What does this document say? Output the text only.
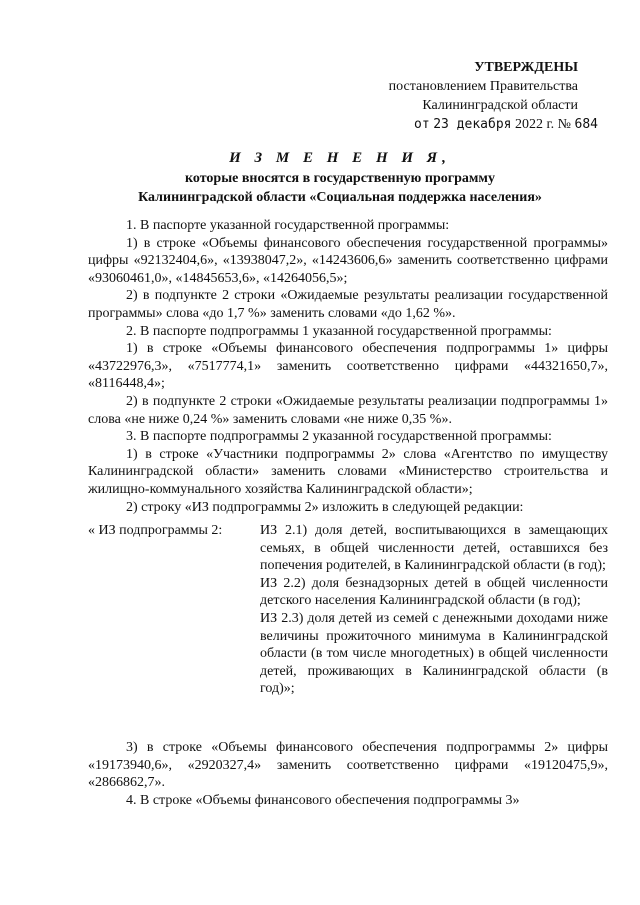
УТВЕРЖДЕНЫ
постановлением Правительства
Калининградской области
от 23 декабря 2022 г. № 684
И З М Е Н Е Н И Я,
которые вносятся в государственную программу
Калининградской области «Социальная поддержка населения»

1. В паспорте указанной государственной программы:

1) в строке «Объемы финансового обеспечения государственной программы» цифры «92132404,6», «13938047,2», «14243606,6» заменить соответственно цифрами «93060461,0», «14845653,6», «14264056,5»;

2) в подпункте 2 строки «Ожидаемые результаты реализации государственной программы» слова «до 1,7 %» заменить словами «до 1,62 %».

2. В паспорте подпрограммы 1 указанной государственной программы:

1) в строке «Объемы финансового обеспечения подпрограммы 1» цифры «43722976,3», «7517774,1» заменить соответственно цифрами «44321650,7», «8116448,4»;

2) в подпункте 2 строки «Ожидаемые результаты реализации подпрограммы 1» слова «не ниже 0,24 %» заменить словами «не ниже 0,35 %».

3. В паспорте подпрограммы 2 указанной государственной программы:

1) в строке «Участники подпрограммы 2» слова «Агентство по имуществу Калининградской области» заменить словами «Министерство строительства и жилищно-коммунального хозяйства Калининградской области»;

2) строку «ИЗ подпрограммы 2» изложить в следующей редакции:

« ИЗ подпрограммы 2:	ИЗ 2.1) доля детей, воспитывающихся в замещающих семьях, в общей численности детей, оставшихся без попечения родителей, в Калининградской области (в год);

ИЗ 2.2) доля безнадзорных детей в общей численности детского населения Калининградской области (в год);

ИЗ 2.3) доля детей из семей с денежными доходами ниже величины прожиточного минимума в Калининградской области (в том числе многодетных) в общей численности детей, проживающих в Калининградской области (в год)»;

3) в строке «Объемы финансового обеспечения подпрограммы 2» цифры «19173940,6», «2920327,4» заменить соответственно цифрами «19120475,9», «2866862,7».

4. В строке «Объемы финансового обеспечения подпрограммы 3»
